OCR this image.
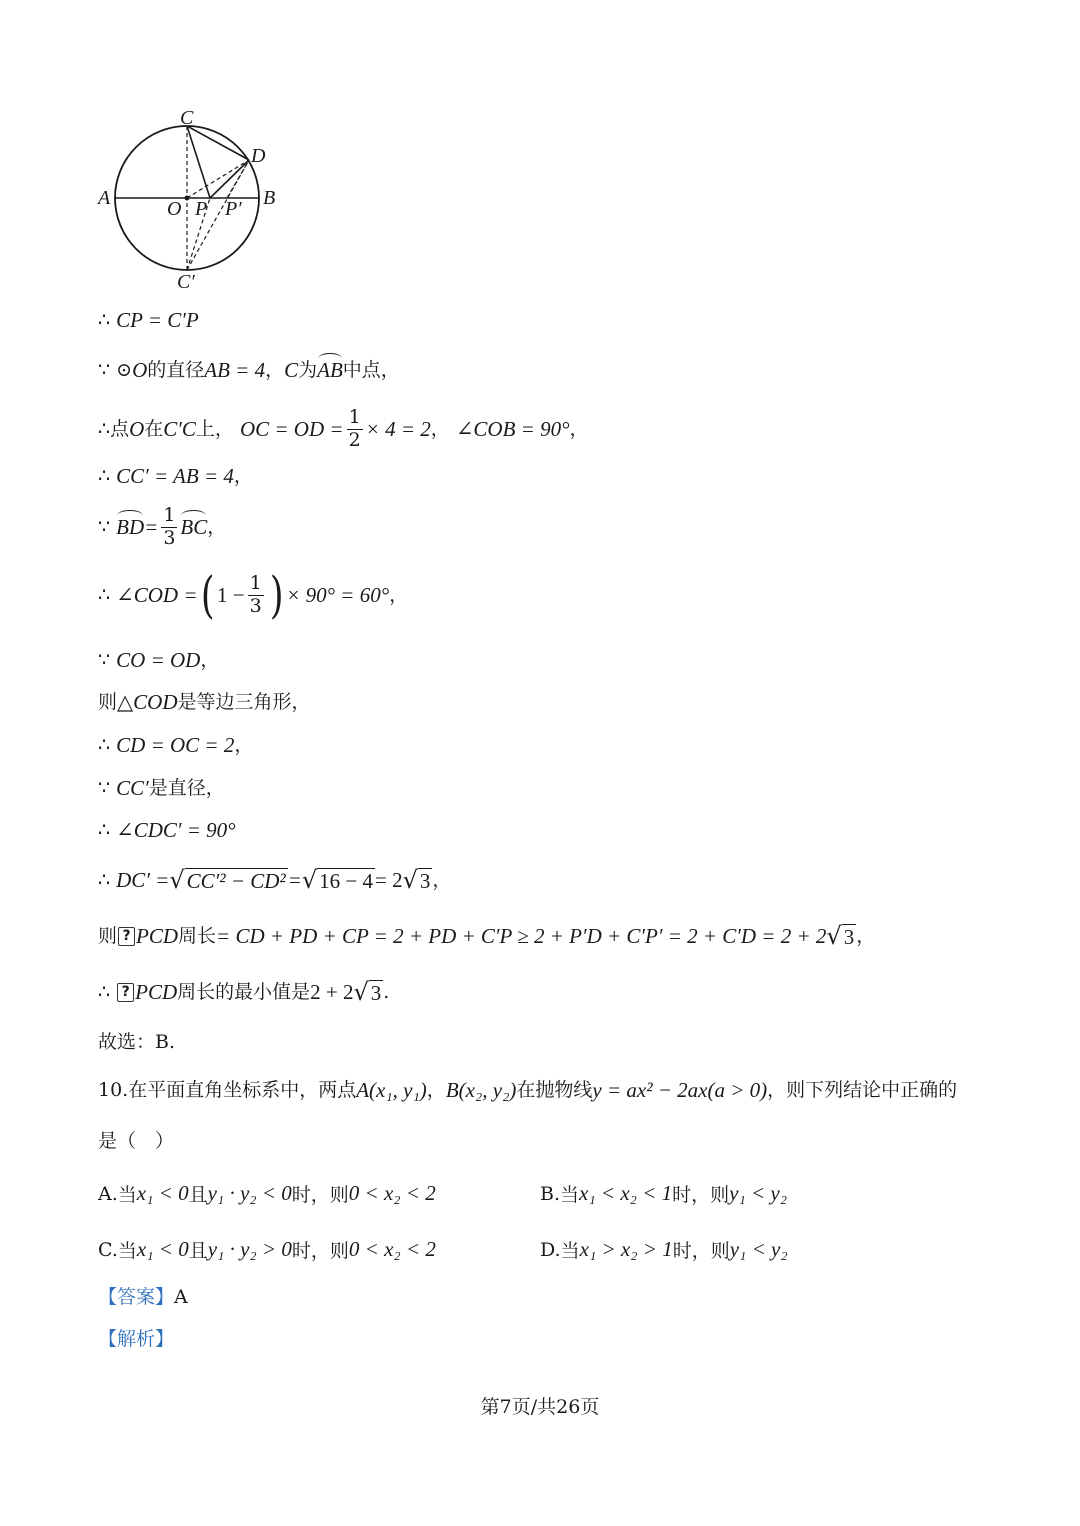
C
D
A	B
O P P′
C′
∴
CP = C′P
∵
⊙ O 的直径 AB = 4 ， C 为 AB 中点，
∴ 点 O 在 C′C 上，
OC = OD = $\frac{1}{2} \times 4 = 2$ ，
∠COB = 90° ，
∴
CC′ = AB = 4 ，
∵
BD = $\frac{1}{3}$ BC ，
∴
∠COD = ( $1 - \frac{1}{3}$ ) × 90° = 60° ，
∵
CO = OD ，
则 △COD 是等边三角形，
∴
CD = OC = 2 ，
∵
CC′ 是直径，
∴
∠CDC′ = 90°
∴
DC′ = √ CC′² − CD² = √ 16 − 4 = 2 √ 3 ，
则 ? PCD 周长 = CD + PD + CP = 2 + PD + C′P ≥ 2 + P′D + C′P′ = 2 + C′D = 2 + 2 √ 3 ，
∴
? PCD 周长的最小值是 2 + 2 √ 3 .
故选：B.
10. 在平面直角坐标系中，两点 A(x₁, y₁) ， B(x₂, y₂) 在抛物线 y = ax² − 2ax(a > 0) ，则下列结论中正确的
是（　）
A. 当 x₁ < 0 且 y₁ · y₂ < 0 时，则 0 < x₂ < 2	B. 当 x₁ < x₂ < 1 时，则 y₁ < y₂
C. 当 x₁ < 0 且 y₁ · y₂ > 0 时，则 0 < x₂ < 2	D. 当 x₁ > x₂ > 1 时，则 y₁ < y₂
【答案】 A
【解析】
第7页/共26页
